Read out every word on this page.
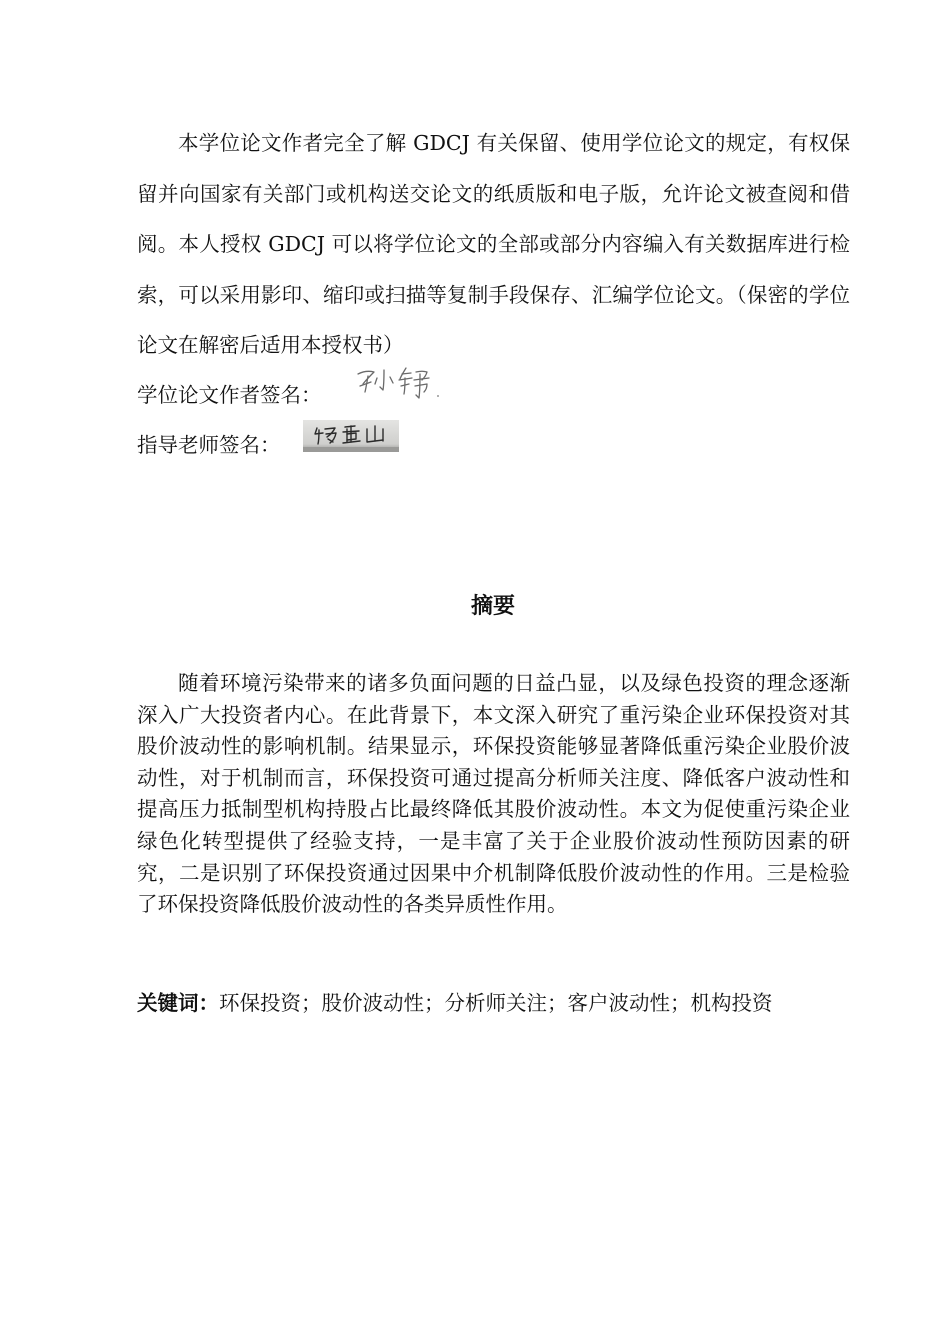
本学位论文作者完全了解 GDCJ 有关保留、使用学位论文的规定，有权保留并向国家有关部门或机构送交论文的纸质版和电子版，允许论文被查阅和借阅。本人授权 GDCJ 可以将学位论文的全部或部分内容编入有关数据库进行检索，可以采用影印、缩印或扫描等复制手段保存、汇编学位论文。（保密的学位论文在解密后适用本授权书）

学位论文作者签名：
指导老师签名：
摘要

随着环境污染带来的诸多负面问题的日益凸显，以及绿色投资的理念逐渐深入广大投资者内心。在此背景下，本文深入研究了重污染企业环保投资对其股价波动性的影响机制。结果显示，环保投资能够显著降低重污染企业股价波动性，对于机制而言，环保投资可通过提高分析师关注度、降低客户波动性和提高压力抵制型机构持股占比最终降低其股价波动性。本文为促使重污染企业绿色化转型提供了经验支持，一是丰富了关于企业股价波动性预防因素的研究，二是识别了环保投资通过因果中介机制降低股价波动性的作用。三是检验了环保投资降低股价波动性的各类异质性作用。

关键词：环保投资；股价波动性；分析师关注；客户波动性；机构投资
